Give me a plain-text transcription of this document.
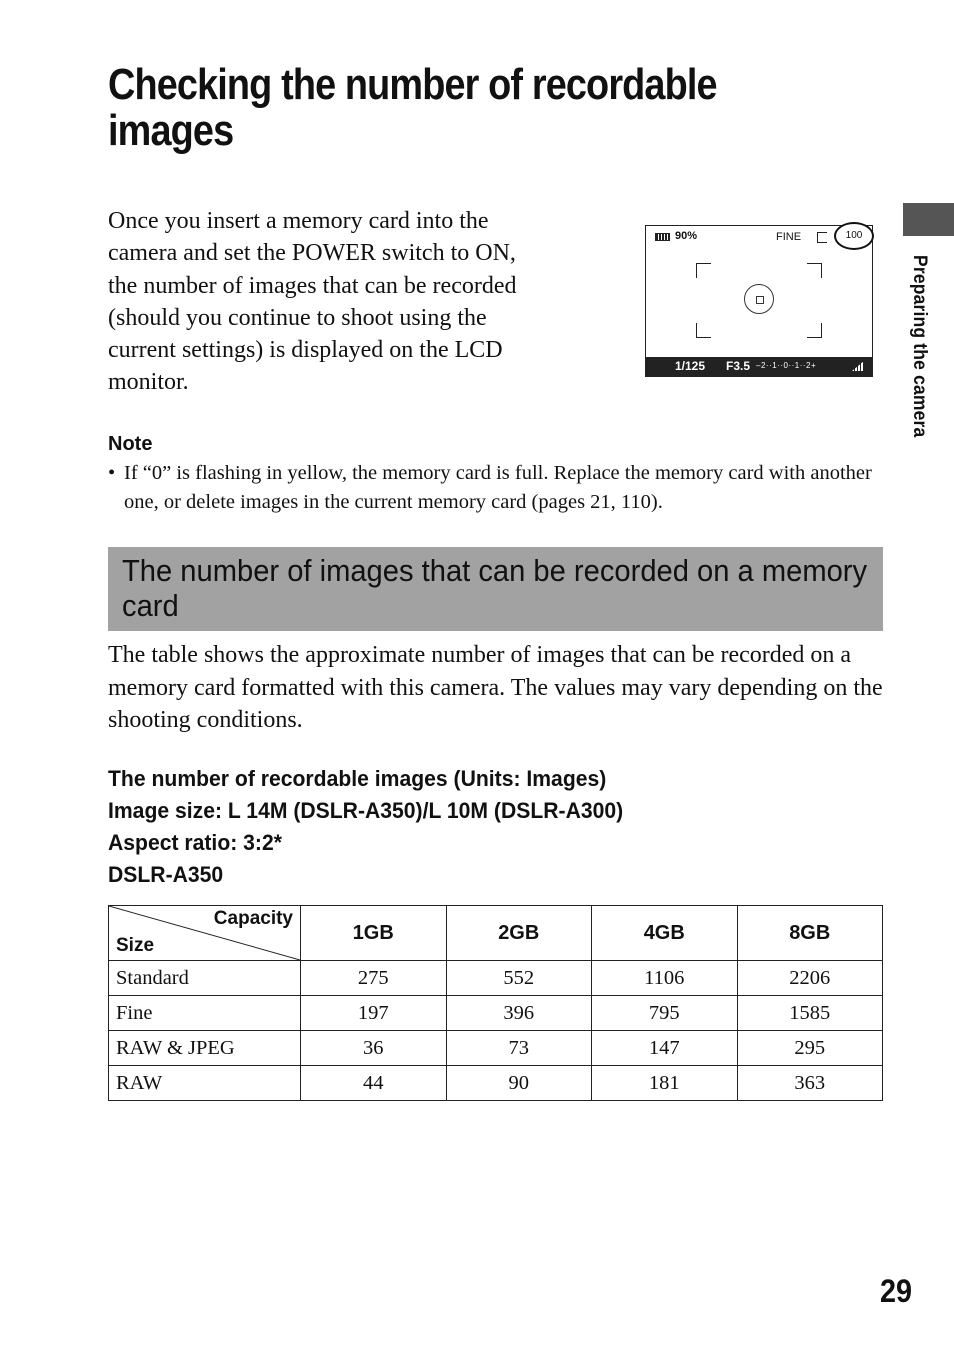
Checking the number of recordable images

Once you insert a memory card into the camera and set the POWER switch to ON, the number of images that can be recorded (should you continue to shoot using the current settings) is displayed on the LCD monitor.

90%	FINE	100
1/125 F3.5 –2··1··0··1··2+	Preparing the camera
Note

• If “0” is flashing in yellow, the memory card is full. Replace the memory card with another one, or delete images in the current memory card (pages 21, 110).

The number of images that can be recorded on a memory card

The table shows the approximate number of images that can be recorded on a memory card formatted with this camera. The values may vary depending on the shooting conditions.

The number of recordable images (Units: Images)
Image size: L 14M (DSLR-A350)/L 10M (DSLR-A300)
Aspect ratio: 3:2*
DSLR-A350
Capacity
Size	1GB	2GB	4GB	8GB
Standard	275	552	1106	2206
Fine	197	396	795	1585
RAW & JPEG	36	73	147	295
RAW	44	90	181	363

29
